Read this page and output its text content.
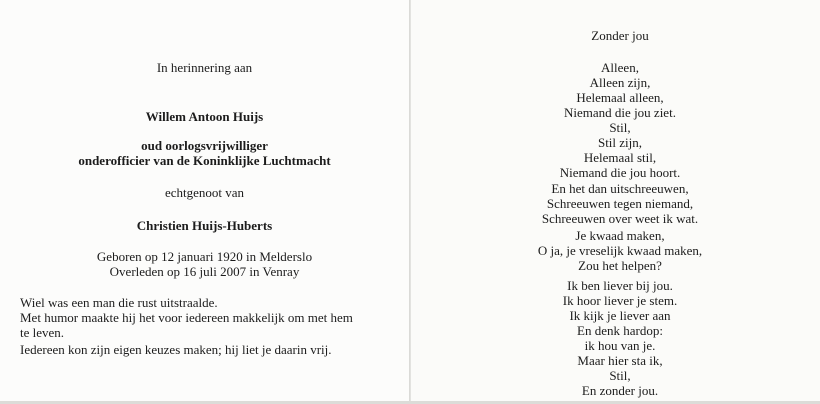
In herinnering aan
Willem Antoon Huijs
oud oorlogsvrijwilliger
onderofficier van de Koninklijke Luchtmacht
echtgenoot van
Christien Huijs-Huberts
Geboren op 12 januari 1920 in Melderslo
Overleden op 16 juli 2007 in Venray
Wiel was een man die rust uitstraalde.
Met humor maakte hij het voor iedereen makkelijk om met hem
te leven.
Iedereen kon zijn eigen keuzes maken; hij liet je daarin vrij.
Zonder jou
Alleen,
Alleen zijn,
Helemaal alleen,
Niemand die jou ziet.
Stil,
Stil zijn,
Helemaal stil,
Niemand die jou hoort.
En het dan uitschreeuwen,
Schreeuwen tegen niemand,
Schreeuwen over weet ik wat.
Je kwaad maken,
O ja, je vreselijk kwaad maken,
Zou het helpen?
Ik ben liever bij jou.
Ik hoor liever je stem.
Ik kijk je liever aan
En denk hardop:
ik hou van je.
Maar hier sta ik,
Stil,
En zonder jou.
